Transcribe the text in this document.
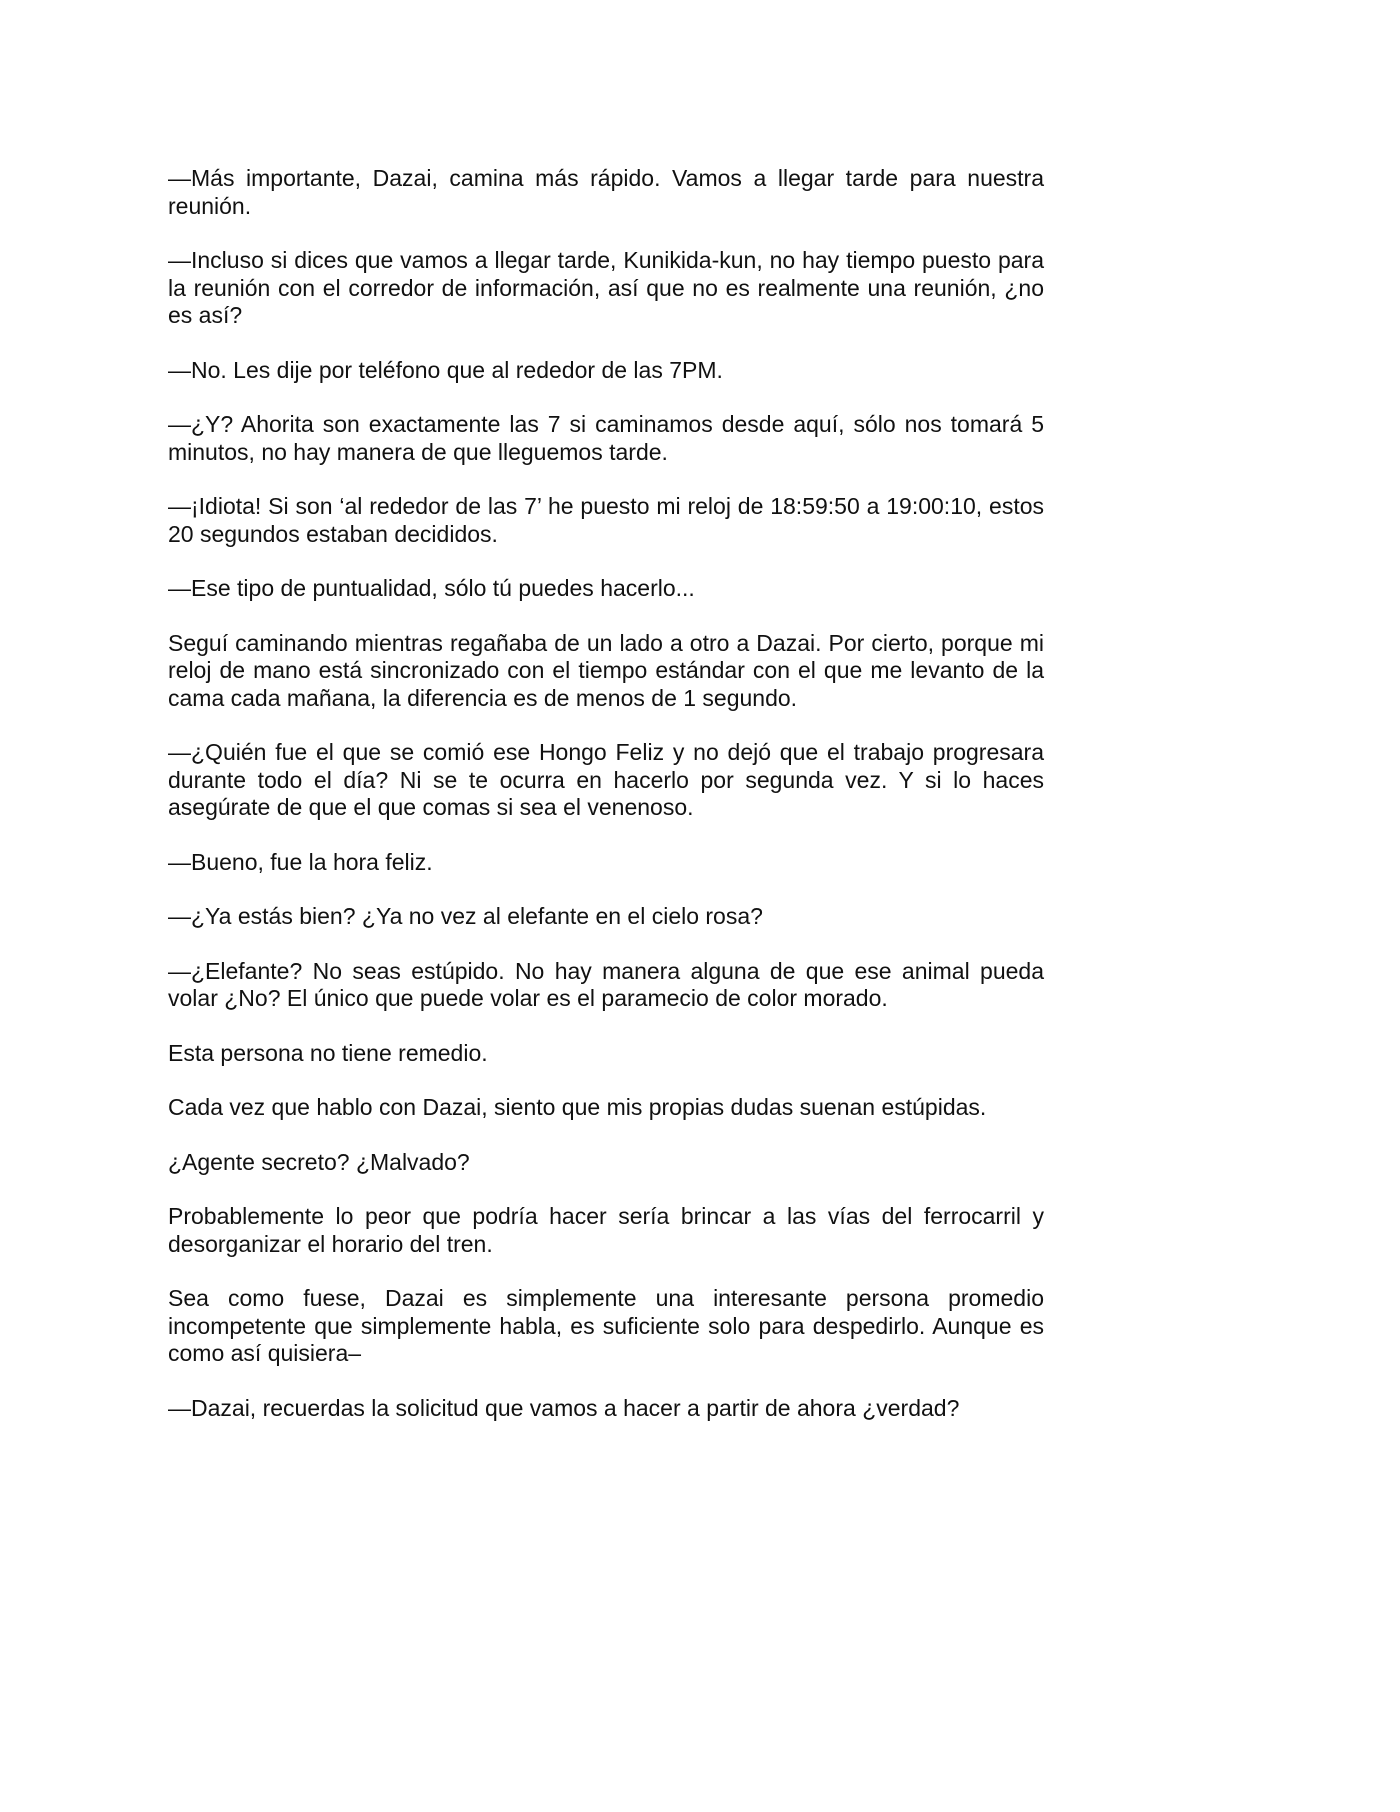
—Más importante, Dazai, camina más rápido. Vamos a llegar tarde para nuestra reunión.

—Incluso si dices que vamos a llegar tarde, Kunikida-kun, no hay tiempo puesto para la reunión con el corredor de información, así que no es realmente una reunión, ¿no es así?

—No. Les dije por teléfono que al rededor de las 7PM.

—¿Y? Ahorita son exactamente las 7 si caminamos desde aquí, sólo nos tomará 5 minutos, no hay manera de que lleguemos tarde.

—¡Idiota! Si son ‘al rededor de las 7’ he puesto mi reloj de 18:59:50 a 19:00:10, estos 20 segundos estaban decididos.

—Ese tipo de puntualidad, sólo tú puedes hacerlo...

Seguí caminando mientras regañaba de un lado a otro a Dazai. Por cierto, porque mi reloj de mano está sincronizado con el tiempo estándar con el que me levanto de la cama cada mañana, la diferencia es de menos de 1 segundo.

—¿Quién fue el que se comió ese Hongo Feliz y no dejó que el trabajo progresara durante todo el día? Ni se te ocurra en hacerlo por segunda vez. Y si lo haces asegúrate de que el que comas si sea el venenoso.

—Bueno, fue la hora feliz.

—¿Ya estás bien? ¿Ya no vez al elefante en el cielo rosa?

—¿Elefante? No seas estúpido. No hay manera alguna de que ese animal pueda volar ¿No? El único que puede volar es el paramecio de color morado.

Esta persona no tiene remedio.

Cada vez que hablo con Dazai, siento que mis propias dudas suenan estúpidas.

¿Agente secreto? ¿Malvado?

Probablemente lo peor que podría hacer sería brincar a las vías del ferrocarril y desorganizar el horario del tren.

Sea como fuese, Dazai es simplemente una interesante persona promedio incompetente que simplemente habla, es suficiente solo para despedirlo. Aunque es como así quisiera–

—Dazai, recuerdas la solicitud que vamos a hacer a partir de ahora ¿verdad?
